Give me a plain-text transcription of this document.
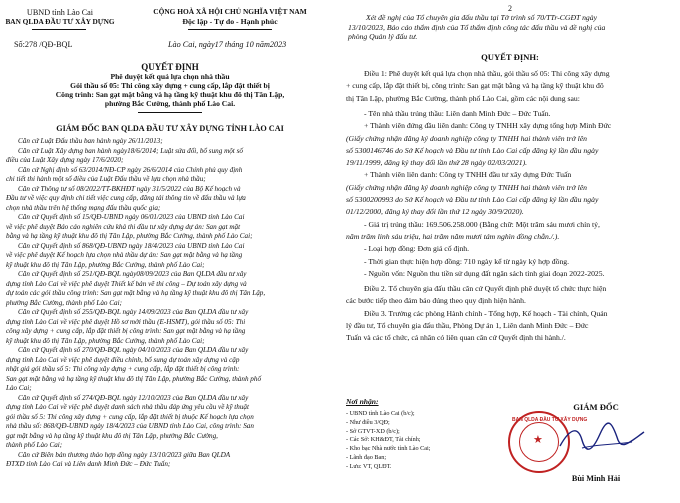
UBND tỉnh Lào Cai
BAN QLDA ĐẦU TƯ XÂY DỰNG
Số:278 /QĐ-BQL
CỘNG HOÀ XÃ HỘI CHỦ NGHĨA VIỆT NAM
Độc lập - Tự do - Hạnh phúc
Lào Cai, ngày17 tháng 10 năm2023
QUYẾT ĐỊNH
Phê duyệt kết quả lựa chọn nhà thầu
Gói thầu số 05: Thi công xây dựng + cung cấp, lắp đặt thiết bị
Công trình: San gạt mặt bằng và hạ tầng kỹ thuật khu đô thị Tân Lập,
phường Bắc Cường, thành phố Lào Cai.
GIÁM ĐỐC BAN QLDA ĐẦU TƯ XÂY DỰNG TỈNH LÀO CAI
Căn cứ Luật Đấu thầu ban hành ngày 26/11/2013;
Căn cứ Luật Xây dựng ban hành ngày18/6/2014; Luật sửa đổi, bổ sung một số
điều của Luật Xây dựng ngày 17/6/2020;
Căn cứ Nghị định số 63/2014/NĐ-CP ngày 26/6/2014 của Chính phủ quy định
chi tiết thi hành một số điều của Luật Đấu thầu về lựa chọn nhà thầu;
Căn cứ Thông tư số 08/2022/TT-BKHĐT ngày 31/5/2022 của Bộ Kế hoạch và
Đầu tư về việc quy định chi tiết việc cung cấp, đăng tải thông tin về đấu thầu và lựa
chọn nhà thầu trên hệ thống mạng đấu thầu quốc gia;
Căn cứ Quyết định số 15/QĐ-UBND ngày 06/01/2023 của UBND tỉnh Lào Cai
về việc phê duyệt Báo cáo nghiên cứu khả thi đầu tư xây dựng dự án: San gạt mặt
bằng và hạ tầng kỹ thuật khu đô thị Tân Lập, phường Bắc Cường, thành phố Lào Cai;
Căn cứ Quyết định số 868/QĐ-UBND ngày 18/4/2023 của UBND tỉnh Lào Cai
về việc phê duyệt Kế hoạch lựa chọn nhà thầu dự án: San gạt mặt bằng và hạ tầng
kỹ thuật khu đô thị Tân Lập, phường Bắc Cường, thành phố Lào Cai;
Căn cứ Quyết định số 251/QĐ-BQL ngày08/09/2023 của Ban QLDA đầu tư xây
dựng tỉnh Lào Cai về việc phê duyệt Thiết kế bản vẽ thi công – Dự toán xây dựng và
dự toán các gói thầu công trình: San gạt mặt bằng và hạ tầng kỹ thuật khu đô thị Tân Lập,
phường Bắc Cường, thành phố Lào Cai;
Căn cứ Quyết định số 255/QĐ-BQL ngày 14/09/2023 của Ban QLDA đầu tư xây
dựng tỉnh Lào Cai về việc phê duyệt Hồ sơ mời thầu (E-HSMT), gói thầu số 05: Thi
công xây dựng + cung cấp, lắp đặt thiết bị công trình: San gạt mặt bằng và hạ tầng
kỹ thuật khu đô thị Tân Lập, phường Bắc Cường, thành phố Lào Cai;
Căn cứ Quyết định số 270/QĐ-BQL ngày 04/10/2023 của Ban QLDA đầu tư xây
dựng tỉnh Lào Cai về việc phê duyệt điều chỉnh, bổ sung dự toán xây dựng và cập
nhật giá gói thầu số 5: Thi công xây dựng + cung cấp, lắp đặt thiết bị công trình:
San gạt mặt bằng và hạ tầng kỹ thuật khu đô thị Tân Lập, phường Bắc Cường, thành phố
Lào Cai;
Căn cứ Quyết định số 274/QĐ-BQL ngày 12/10/2023 của Ban QLDA đầu tư xây
dựng tỉnh Lào Cai về việc phê duyệt danh sách nhà thầu đáp ứng yêu cầu về kỹ thuật
gói thầu số 5: Thi công xây dựng + cung cấp, lắp đặt thiết bị thuộc Kế hoạch lựa chọn
nhà thầu số: 868/QĐ-UBND ngày 18/4/2023 của UBND tỉnh Lào Cai, công trình: San
gạt mặt bằng và hạ tầng kỹ thuật khu đô thị Tân Lập, phường Bắc Cường,
thành phố Lào Cai;
Căn cứ Biên bản thương thảo hợp đồng ngày 13/10/2023 giữa Ban QLDA
ĐTXD tỉnh Lào Cai và Liên danh Minh Đức – Đức Tuấn;
2
Xét đề nghị của Tổ chuyên gia đấu thầu tại Tờ trình số 70/TTr-CGĐT ngày
13/10/2023, Báo cáo thẩm định của Tổ thẩm định công tác đấu thầu và đề nghị của
phòng Quản lý đấu tư.
QUYẾT ĐỊNH:
Điều 1: Phê duyệt kết quả lựa chọn nhà thầu, gói thầu số 05: Thi công xây dựng
+ cung cấp, lắp đặt thiết bị, công trình: San gạt mặt bằng và hạ tầng kỹ thuật khu đô
thị Tân Lập, phường Bắc Cường, thành phố Lào Cai, gồm các nội dung sau:
- Tên nhà thầu trúng thầu: Liên danh Minh Đức – Đức Tuấn.
+ Thành viên đứng đầu liên danh: Công ty TNHH xây dựng tổng hợp Minh Đức
(Giấy chứng nhận đăng ký doanh nghiệp công ty TNHH hai thành viên trở lên
số 5300146746 do Sở Kế hoạch và Đầu tư tỉnh Lào Cai cấp đăng ký lần đầu ngày
19/11/1999, đăng ký thay đổi lần thứ 28 ngày 02/03/2021).
+ Thành viên liên danh: Công ty TNHH đầu tư xây dựng Đức Tuấn
(Giấy chứng nhận đăng ký doanh nghiệp công ty TNHH hai thành viên trở lên
số 5300200993 do Sở Kế hoạch và Đầu tư tỉnh Lào Cai cấp đăng ký lần đầu ngày
01/12/2000, đăng ký thay đổi lần thứ 12 ngày 30/9/2020).
- Giá trị trúng thầu: 169.506.258.000 (Bằng chữ: Một trăm sáu mươi chín tỷ,
năm trăm linh sáu triệu, hai trăm năm mươi tám nghìn đồng chẵn./.).
- Loại hợp đồng: Đơn giá cố định.
- Thời gian thực hiện hợp đồng: 710 ngày kể từ ngày ký hợp đồng.
- Nguồn vốn: Nguồn thu tiền sử dụng đất ngân sách tỉnh giai đoạn 2022-2025.
Điều 2. Tổ chuyên gia đấu thầu căn cứ Quyết định phê duyệt tổ chức thực hiện
các bước tiếp theo đảm bảo đúng theo quy định hiện hành.
Điều 3. Trưởng các phòng Hành chính - Tổng hợp, Kế hoạch - Tài chính, Quản
lý đầu tư, Tổ chuyên gia đấu thầu, Phòng Dự án 1, Liên danh Minh Đức – Đức
Tuấn và các tổ chức, cá nhân có liên quan căn cứ Quyết định thi hành./.
Nơi nhận:
- UBND tỉnh Lào Cai (b/c);
- Như điều 3/QĐ;
- Sở GTVT-XD (b/c);
- Các Sở: KH&ĐT, Tài chính;
- Kho bạc Nhà nước tỉnh Lào Cai;
- Lãnh đạo Ban;
- Lưu: VT, QLĐT.
GIÁM ĐỐC
★
BAN QLDA ĐẦU TƯ XÂY DỰNG
Bùi Minh Hải
